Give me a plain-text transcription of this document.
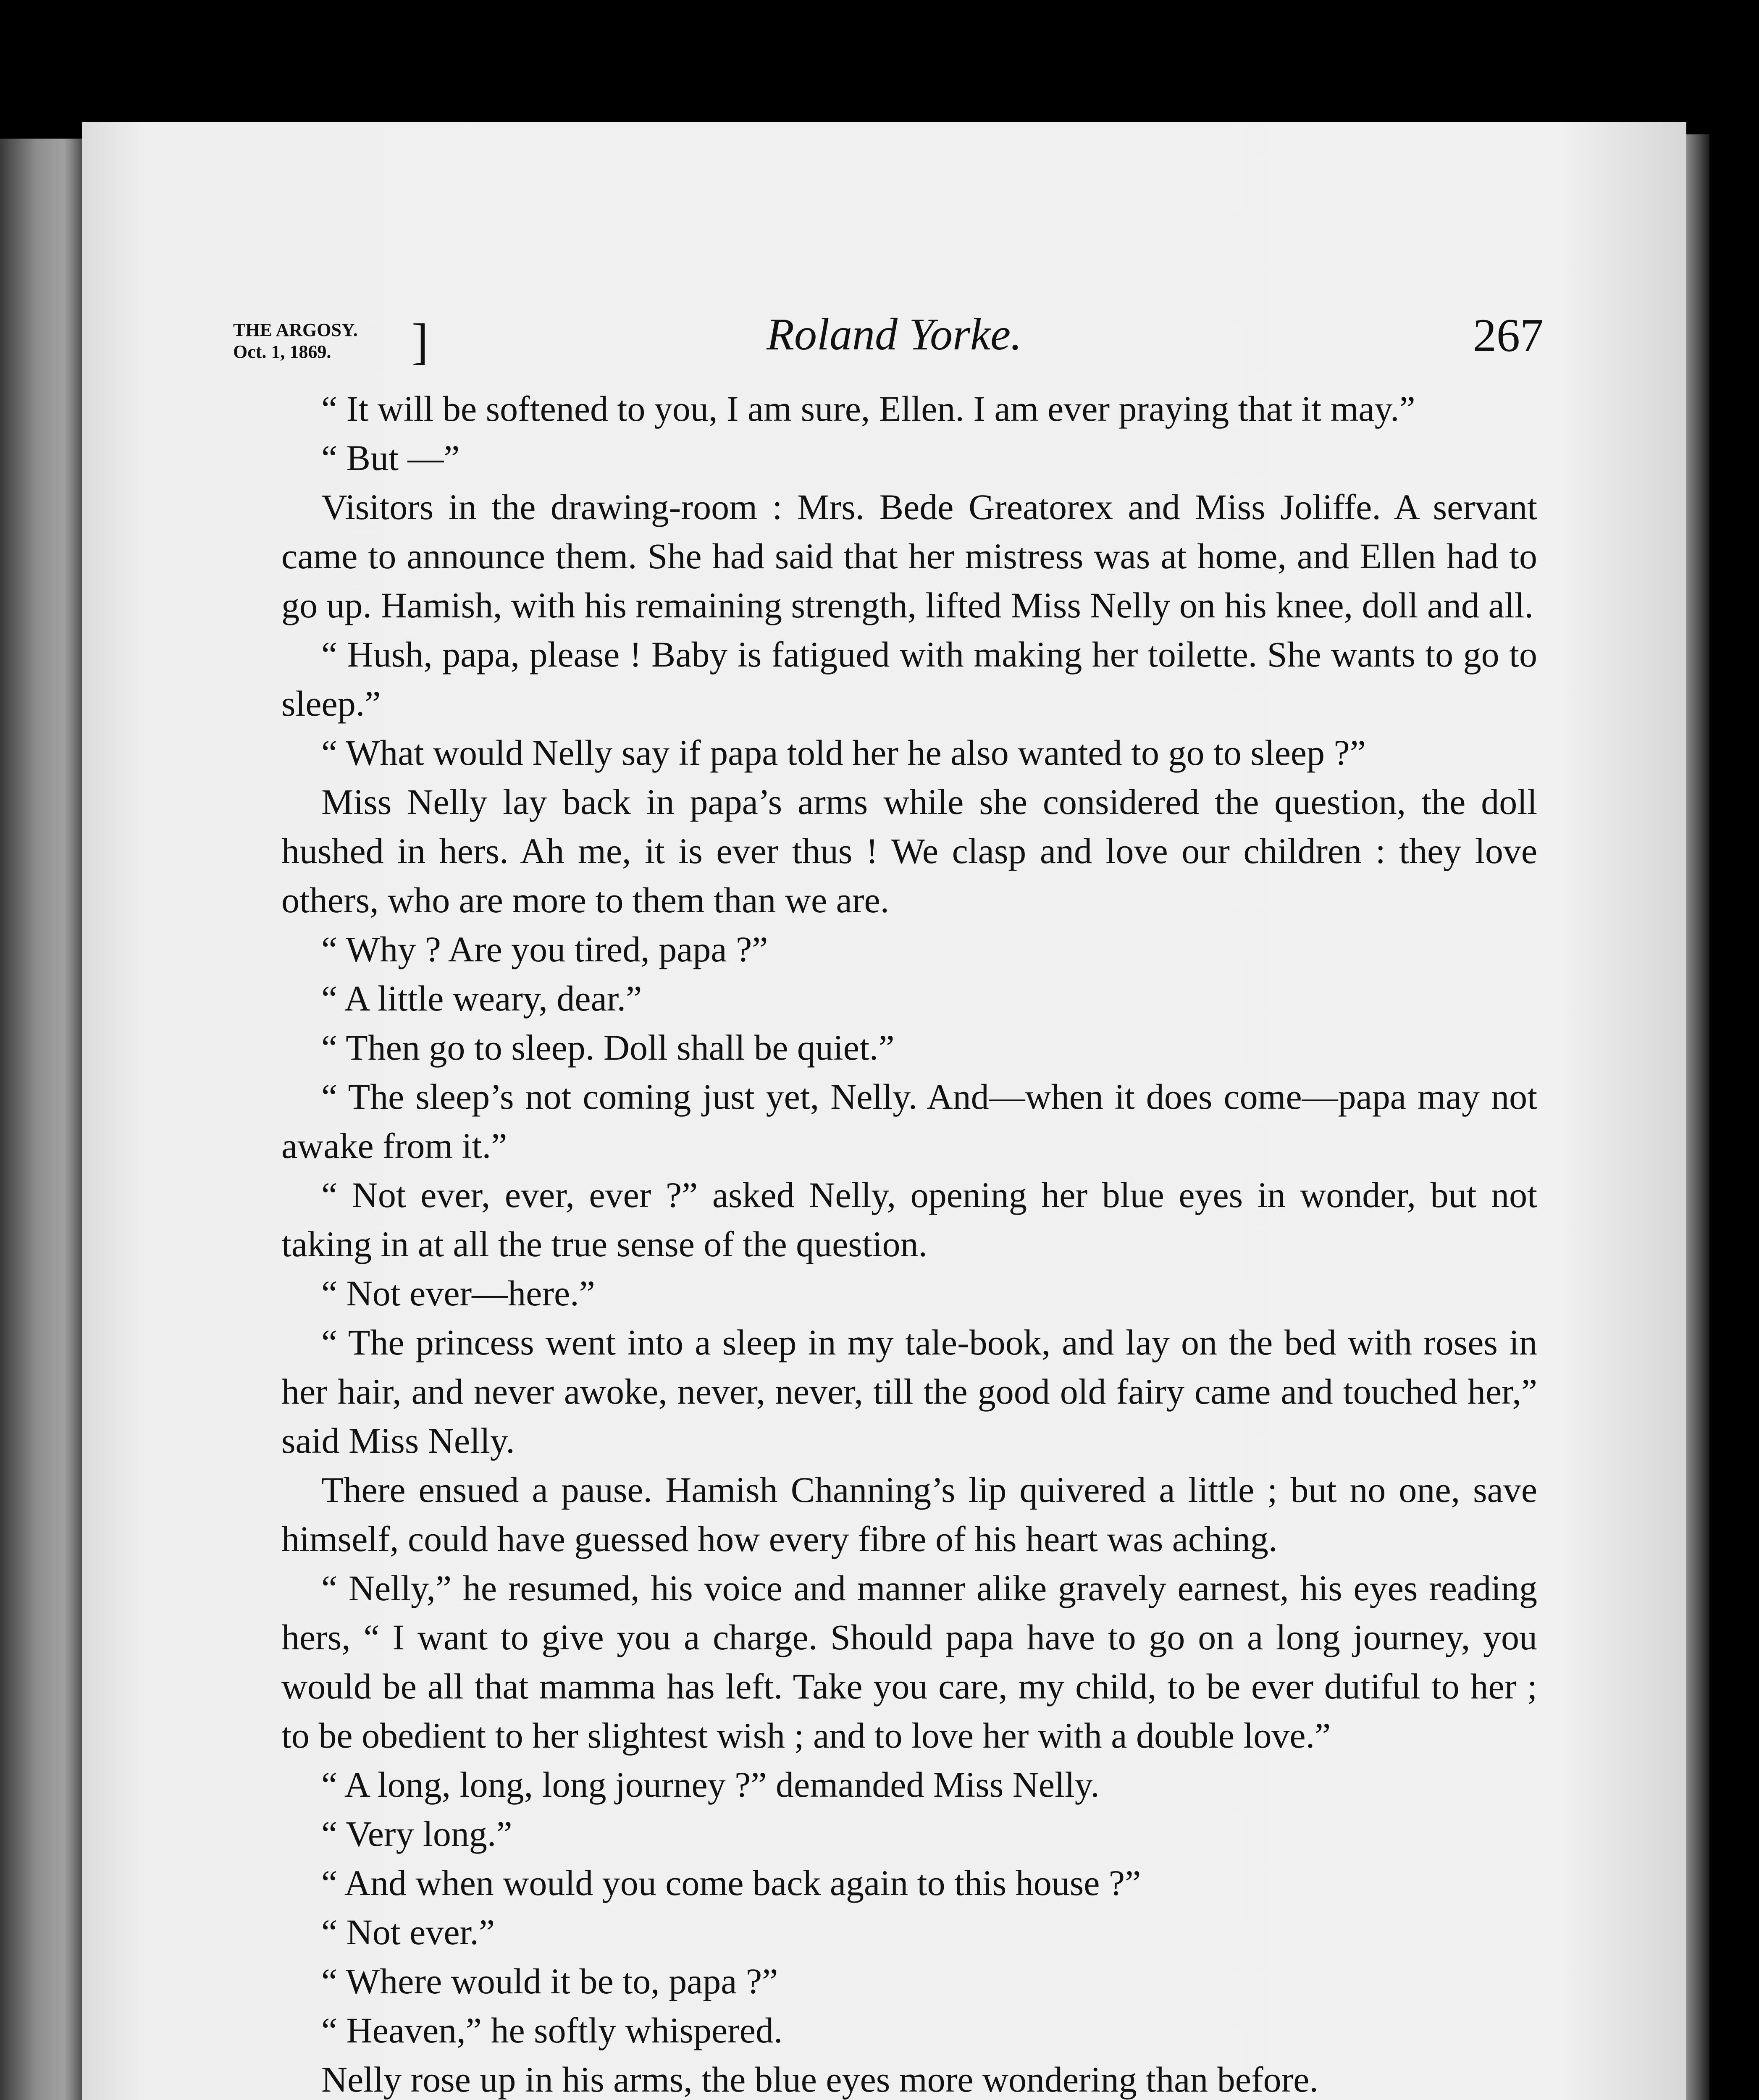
THE ARGOSY.
Oct. 1, 1869.	]	Roland Yorke.	267

“ It will be softened to you, I am sure, Ellen. I am ever praying that it may.”

“ But —”

Visitors in the drawing-room : Mrs. Bede Greatorex and Miss Joliffe. A servant came to announce them. She had said that her mistress was at home, and Ellen had to go up. Hamish, with his remaining strength, lifted Miss Nelly on his knee, doll and all.

“ Hush, papa, please ! Baby is fatigued with making her toilette. She wants to go to sleep.”

“ What would Nelly say if papa told her he also wanted to go to sleep ?”

Miss Nelly lay back in papa’s arms while she considered the question, the doll hushed in hers. Ah me, it is ever thus ! We clasp and love our children : they love others, who are more to them than we are.

“ Why ? Are you tired, papa ?”

“ A little weary, dear.”

“ Then go to sleep. Doll shall be quiet.”

“ The sleep’s not coming just yet, Nelly. And—when it does come—papa may not awake from it.”

“ Not ever, ever, ever ?” asked Nelly, opening her blue eyes in wonder, but not taking in at all the true sense of the question.

“ Not ever—here.”

“ The princess went into a sleep in my tale-book, and lay on the bed with roses in her hair, and never awoke, never, never, till the good old fairy came and touched her,” said Miss Nelly.

There ensued a pause. Hamish Channing’s lip quivered a little ; but no one, save himself, could have guessed how every fibre of his heart was aching.

“ Nelly,” he resumed, his voice and manner alike gravely earnest, his eyes reading hers, “ I want to give you a charge. Should papa have to go on a long journey, you would be all that mamma has left. Take you care, my child, to be ever dutiful to her ; to be obedient to her slightest wish ; and to love her with a double love.”

“ A long, long, long journey ?” demanded Miss Nelly.

“ Very long.”

“ And when would you come back again to this house ?”

“ Not ever.”

“ Where would it be to, papa ?”

“ Heaven,” he softly whispered.

Nelly rose up in his arms, the blue eyes more wondering than before.
